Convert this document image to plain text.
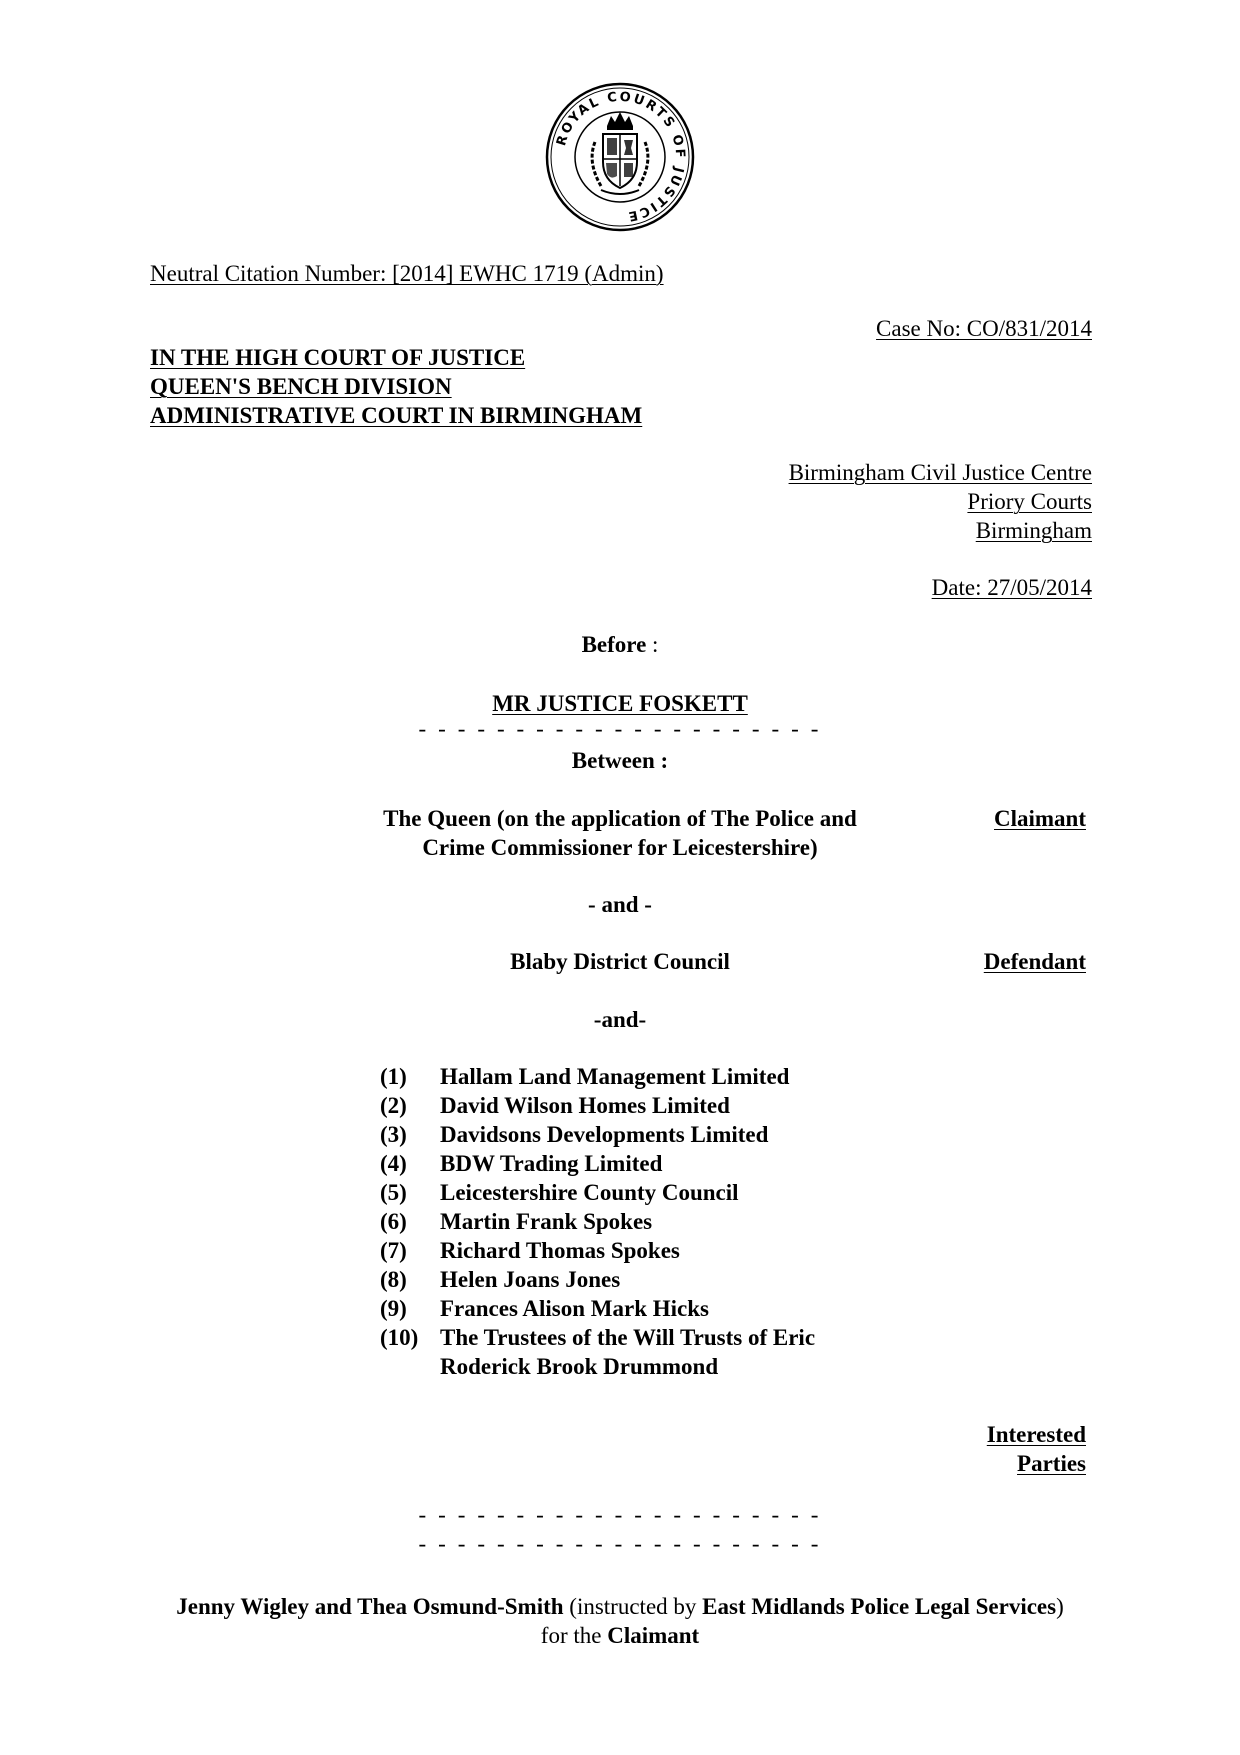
ROYAL COURTS OF JUSTICE
Neutral Citation Number: [2014] EWHC 1719 (Admin)
Case No: CO/831/2014
IN THE HIGH COURT OF JUSTICE
QUEEN'S BENCH DIVISION
ADMINISTRATIVE COURT IN BIRMINGHAM
Birmingham Civil Justice Centre
Priory Courts
Birmingham
Date: 27/05/2014
Before :
MR JUSTICE FOSKETT
- - - - - - - - - - - - - - - - - - - - -
Between :
The Queen (on the application of The Police and
Crime Commissioner for Leicestershire)
Claimant
- and -
Blaby District Council	Defendant
-and-
(1)	Hallam Land Management Limited
(2)	David Wilson Homes Limited
(3)	Davidsons Developments Limited
(4)	BDW Trading Limited
(5)	Leicestershire County Council
(6)	Martin Frank Spokes
(7)	Richard Thomas Spokes
(8)	Helen Joans Jones
(9)	Frances Alison Mark Hicks
(10) The Trustees of the Will Trusts of Eric
Roderick Brook Drummond
Interested
Parties
- - - - - - - - - - - - - - - - - - - - -
- - - - - - - - - - - - - - - - - - - - -
Jenny Wigley and Thea Osmund-Smith (instructed by East Midlands Police Legal Services)
for the Claimant
